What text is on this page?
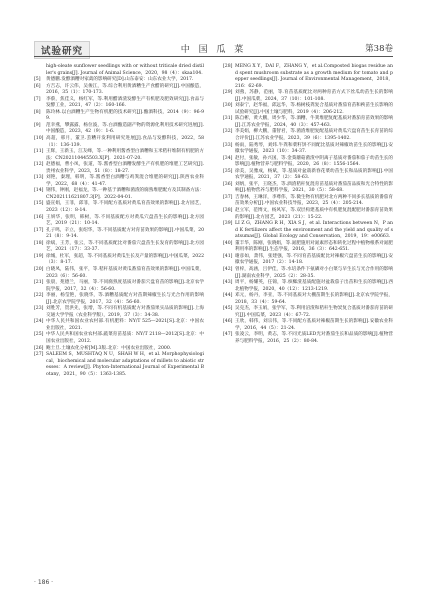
试验研究	中 国 瓜 菜	第38卷
high-oleate sunflower seedlings with or without triticale dried distiller's grains[J]. Journal of Animal Science，2020，98（4）：skaa104.
[5]	黄德鹏.发酵酒糟对家禽的影响研究[D].山东泰安：山东农业大学，2017.
[6]	方吉志，许云伟，吴俊江，等.综合利用黄酒糟生产食醋的研究[J].中国酿造，2016，35（1）：170-173.
[7]	李蔡，焦佳义，杨红军，等.利用醋酒渣发酵生产有机肥及肥效研究[J].食品与发酵工业，2021，47（2）：160-166.
[8]	陈玲林.以白酒糟生产生物有机肥的技术研究[J].酿酒科技，2014（9）：96-99.
[9]	范幸燕，攀露露，杨位波，等.白酒酿造副产物的资源化利用技术研究进展[J].中国酿造，2023，42（9）：1-6.
[10] 高超，邢月，董卫.丢糟开发利用研究进展[J].食品与发酵科技，2022，58（1）：136-139.
[11] 王辉，王新玉，江友峰，等.一种利用酱香型白酒糟和玉米秸秆堆制有机肥的方法：CN202110445503.X[P]．2021-07-20.
[12] 赵德福，曹小凤，张道，等.酱香型白酒糟发酵生产有机肥的堆肥工艺研究[J].贵州农业科学，2023，51（8）：18-27.
[13] 刘艳，秦理，韩明，等.酱香型白酒糟与鸡粪混合堆肥的研究[J].陕西农业科学，2022，68（4）：41-47.
[14] 钢伟，钟刚，赵福龙，等.一种基于酒糟和菌渣的腐熟堆肥配方及其制备方法：CN202111621807.3[P]．2022-04-01.
[15] 盛宣娟，王菲，邱菲，等.不同配方基质对黄瓜育苗效果的影响[J].北方园艺，2023（12）：8-14.
[16] 王妍华，张明，韩树，等.不同基质配方对黄瓜穴盘苗生长的影响[J].北方园艺，2019（21）：10-14.
[17] 孔子鸣，辛立，张绍华，等.不同基质配方对育苗效果的影响[J].中国瓜菜，2021（8）：9-14.
[18] 徐斌，王芳，张云，等.不同基质配比对番茄穴盘苗生长发育的影响[J].北方园艺，2021（17）：33-37.
[19] 徐城，杜军，张超，等.不同基质对黄瓜生长及产量的影响[J].中国瓜菜，2022（3）：8-17.
[20] 白晓凤，陆伟，张平，等.秸秆基质对黄瓜番茄育苗效果的影响[J].中国瓜菜，2023（6）：56-60.
[21] 张晨，苑德兰，马丽，等.不同腐熟度基质对番茄穴盘育苗的影响[J].北京农学院学报，2017，32（4）：56-60.
[22] 李丽，杨莹艳，张晓华，等.酒糟基质配方对苗期辣椒生长与光合作用的影响[J].北京农学院学报，2017，32（4）：56-60.
[23] 刘胜芳，贺洪先，张增，等.不同有机基质配方对番茄果实品质的影响[J].上海交通大学学报（农业科学版），2019，37（3）：34-38.
[24] 中华人民共和国农业农村部.有机肥料：NY/T 525—2021[S].北京：中国农业出版社，2021.
[25] 中华人民共和国农业农村部.蔬菜育苗基质：NY/T 2118—2012[S].北京：中国农业出版社，2012.
[26] 鲍士旦.土壤农化分析[M].3版.北京：中国农业出版社，2000.
[27] SALEEM S，MUSHTAQ N U，SHAH W H，et al. Morphophysiological，biochemical and molecular adaptations of millets to abiotic stresses：A review[J]. Phyton-International Journal of Experimental Botany，2021，90（5）：1363-1385.
[28] MENG X Y，DAI F，ZHANG Y，et al.Composted biogas residue and spent mushroom substrate as a growth medium for tomato and pepper seedlings[J]. Journal of Environmental Management，2018，216：62-69.
[29] 刘燕，苏静，范丽，等.育苗基质配比对两种育苗方式下丝瓜幼苗生长的影响[J].中国瓜菜，2024，37（10）：101-108.
[30] 刘泰宁，赵华福，邱远华，等.杨树枝粪复合基质对番茄育苗和秧苗生长影响的试验研究[J].中国土壤与肥料，2019（4）：206-212.
[31] 陈自彬，黄大鹏，周少华，等.酒糟、牛粪堆肥复配基质对番茄育苗效果的影响[J].江苏农业学报，2024，40（3）：457-463.
[32] 李美娟，柳大鹏，董智君，等.菌渣堆肥复配基质对黄瓜穴盘育苗生长育苗的综合评价[J].江苏农业学报，2023，39（6）：1395-1402.
[33] 杨雨，陆秀琴，刘炜.牛粪和菜籽饼不同配比基质对辣椒幼苗生长的影响[J].安徽农学通报，2023（10）：34-37.
[34] 赵付，张敏，孙兴国，等.金葵蘑菇菌渣中阴离子基质对番茄和茄子幼苗生长的影响[J].植物营养与肥料学报，2020，26（8）：1556-1564.
[35] 徐美，吴雅成，杨斌，等.基质对盆栽新春花菜幼苗生长和品质的影响[J].中国农学通报，2021，37（2）：58-63.
[36] 刘炳，张平，王晓杰，等.酒渣秸秆复混育苗基质对番茄苗品质和光合特性的影响[J].植物营养与肥料学报，2021，30（5）：58-68.
[37] 吉春林，王琳洋，李尊伟，等.微生物有机肥对北方两种不同多长基质的番茄育苗效果分析[J].中国农业科技导报，2023，25（4）：205-214.
[38] 赵立军，范博文，杨风军，等.双层构建基质中有机肥复混配肥对番茄育苗效果的影响[J].北方园艺，2023（21）：15-22.
[39] LI Z G，ZHANG R H，XIA S J，et al. Interactions between N，P and K fertilizers affect the environment and the yield and quality of satsumas[J]. Global Ecology and Conservation，2019，19：e00663.
[40] 董丰华，陈刚，张晓娟，等.氮肥施用对氮素形态和转化过程中植物根系对氮肥利用率的影响[J].生态学报，2016，36（3）：642-651.
[41] 谢彦如，萧伟，张建强，等.不同育苗基质配比对辣椒穴盘苗生长的影响[J].安徽农学通报，2017（2）：14-18.
[42] 曾梓，高涵，吕伊佳，等.水培条件下氨磷对小白菜与早生长与光合作用的影响[J].湖南农业科学，2025（2）：28-35.
[43] 周平，杨耀英，任锦，等.槟榔渣基质配施对盆栽茄子出苗和生长的影响[J].西北植物学报，2020，40（12）：1213-1219.
[44] 邓元，杨丹，李亚，等.不同基质对大棚苗期生长的影响[J].北京农学院学报，2018，33（4）：59-64.
[45] 吴克杰，李玉娟，张学军，等.利用沼渣和秸秆生物炭复合基质对番茄育苗的研究[J].中国瓜菜，2023（4）：67-72.
[46] 王欣，韩伟，刘宗伟，等.不同配方基质对辣椒苗期生长的影响[J].安徽农业科学，2016，44（5）：21-24.
[47] 张凌云，李明，黄志，等.不同光质LED光对番茄生长和品质的影响[J].植物营养与肥料学报，2016，25（2）：80-84.
· 186 ·
